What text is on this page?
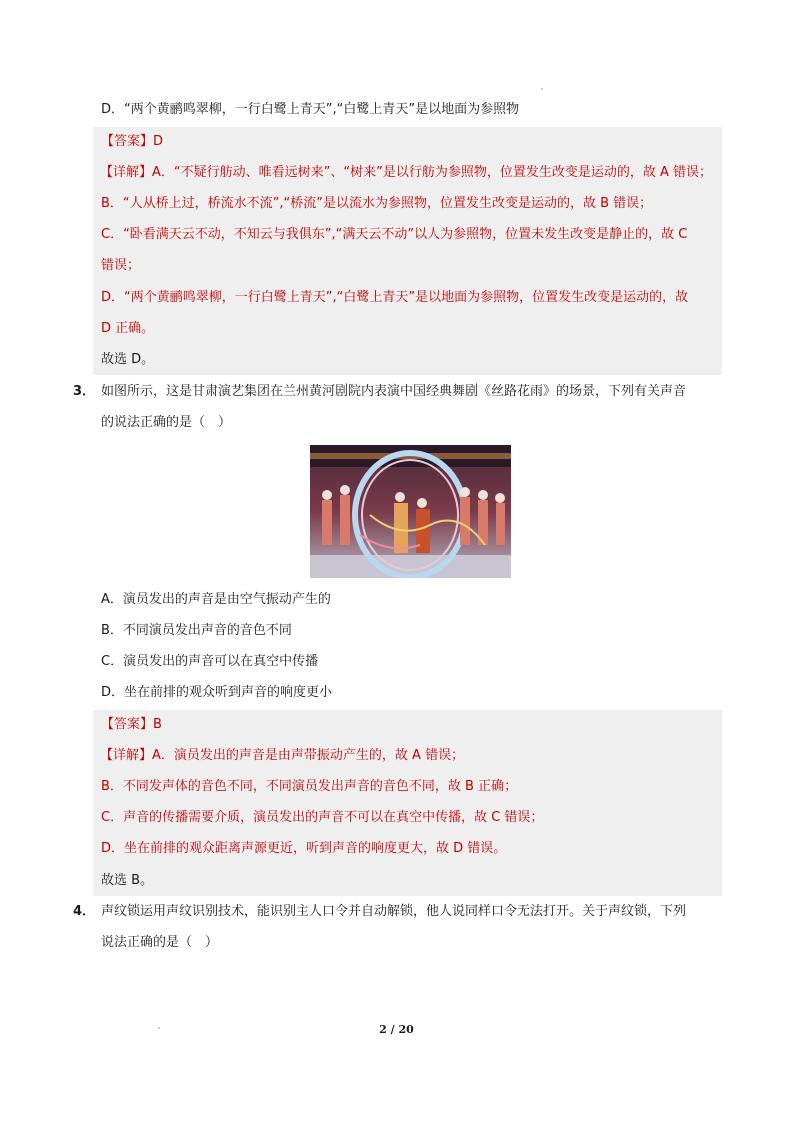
D．“两个黄鹂鸣翠柳，一行白鹭上青天”,“白鹭上青天”是以地面为参照物
【答案】D
【详解】A．“不疑行舫动、唯看远树来”、“树来”是以行舫为参照物，位置发生改变是运动的，故 A 错误；
B．“人从桥上过，桥流水不流”,“桥流”是以流水为参照物，位置发生改变是运动的，故 B 错误；
C．“卧看满天云不动，不知云与我俱东”,“满天云不动”以人为参照物，位置未发生改变是静止的，故 C
错误；
D．“两个黄鹂鸣翠柳，一行白鹭上青天”,“白鹭上青天”是以地面为参照物，位置发生改变是运动的，故
D 正确。
故选 D。
3． 如图所示，这是甘肃演艺集团在兰州黄河剧院内表演中国经典舞剧《丝路花雨》的场景，下列有关声音
的说法正确的是（　）
A．演员发出的声音是由空气振动产生的
B．不同演员发出声音的音色不同
C．演员发出的声音可以在真空中传播
D．坐在前排的观众听到声音的响度更小
【答案】B
【详解】A．演员发出的声音是由声带振动产生的，故 A 错误；
B．不同发声体的音色不同，不同演员发出声音的音色不同，故 B 正确；
C．声音的传播需要介质，演员发出的声音不可以在真空中传播，故 C 错误；
D．坐在前排的观众距离声源更近，听到声音的响度更大，故 D 错误。
故选 B。
4． 声纹锁运用声纹识别技术，能识别主人口令并自动解锁，他人说同样口令无法打开。关于声纹锁，下列
说法正确的是（　）
2 / 20
